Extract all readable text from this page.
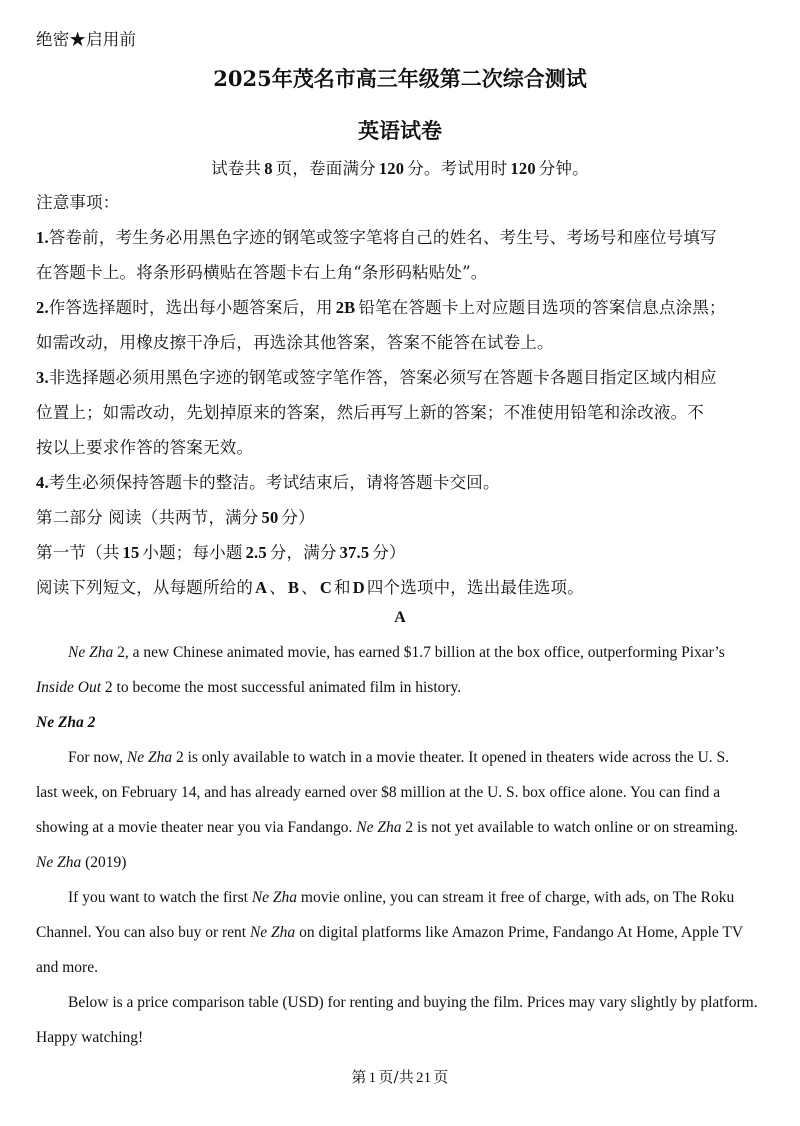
绝密★启用前
2025年茂名市高三年级第二次综合测试
英语试卷
试卷共 8 页，卷面满分 120 分。考试用时 120 分钟。
注意事项：
1.答卷前，考生务必用黑色字迹的钢笔或签字笔将自己的姓名、考生号、考场号和座位号填写
在答题卡上。将条形码横贴在答题卡右上角“条形码粘贴处”。
2.作答选择题时，选出每小题答案后，用 2B 铅笔在答题卡上对应题目选项的答案信息点涂黑；
如需改动，用橡皮擦干净后，再选涂其他答案，答案不能答在试卷上。
3.非选择题必须用黑色字迹的钢笔或签字笔作答，答案必须写在答题卡各题目指定区域内相应
位置上；如需改动，先划掉原来的答案，然后再写上新的答案；不准使用铅笔和涂改液。不
按以上要求作答的答案无效。
4.考生必须保持答题卡的整洁。考试结束后，请将答题卡交回。
第二部分 阅读（共两节，满分 50 分）
第一节（共 15 小题；每小题 2.5 分，满分 37.5 分）
阅读下列短文，从每题所给的 A 、 B 、 C 和 D 四个选项中，选出最佳选项。
A
Ne Zha 2, a new Chinese animated movie, has earned $1.7 billion at the box office, outperforming Pixar’s
Inside Out 2 to become the most successful animated film in history.
Ne Zha 2
For now, Ne Zha 2 is only available to watch in a movie theater. It opened in theaters wide across the U. S.
last week, on February 14, and has already earned over $8 million at the U. S. box office alone. You can find a
showing at a movie theater near you via Fandango. Ne Zha 2 is not yet available to watch online or on streaming.
Ne Zha (2019)
If you want to watch the first Ne Zha movie online, you can stream it free of charge, with ads, on The Roku
Channel. You can also buy or rent Ne Zha on digital platforms like Amazon Prime, Fandango At Home, Apple TV
and more.
Below is a price comparison table (USD) for renting and buying the film. Prices may vary slightly by platform.
Happy watching!
第 1 页/共 21 页
